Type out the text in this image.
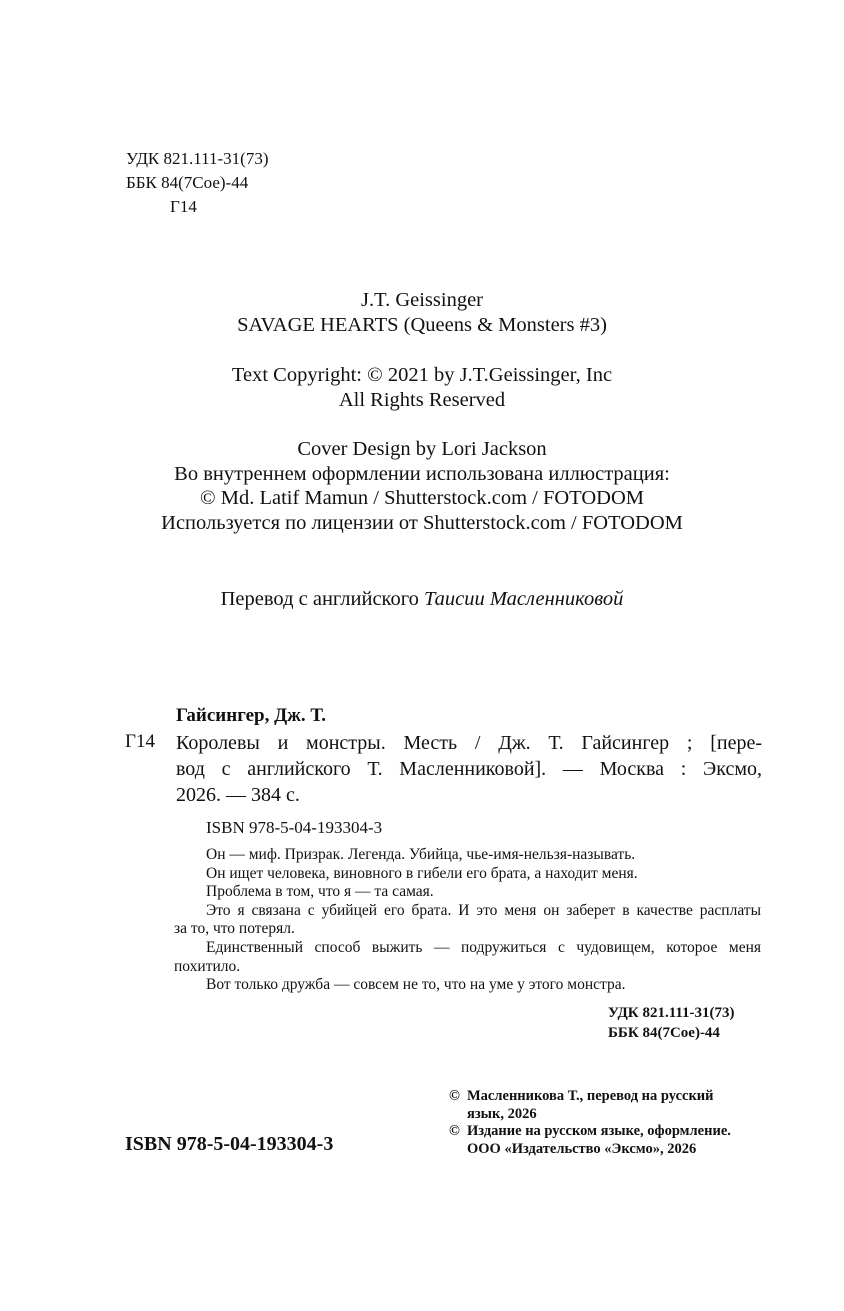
УДК 821.111-31(73)
ББК 84(7Сое)-44
Г14
J.T. Geissinger
SAVAGE HEARTS (Queens & Monsters #3)
Text Copyright: © 2021 by J.T.Geissinger, Inc
All Rights Reserved
Cover Design by Lori Jackson
Во внутреннем оформлении использована иллюстрация:
© Md. Latif Mamun / Shutterstock.com / FOTODOM
Используется по лицензии от Shutterstock.com / FOTODOM
Перевод с английского Таисии Масленниковой
Гайсингер, Дж. Т.
Г14 Королевы и монстры. Месть / Дж. Т. Гайсингер ; [пере-
вод с английского Т. Масленниковой]. — Москва : Эксмо,
2026. — 384 с.
ISBN 978-5-04-193304-3
Он — миф. Призрак. Легенда. Убийца, чье-имя-нельзя-называть.
Он ищет человека, виновного в гибели его брата, а находит меня.
Проблема в том, что я — та самая.
Это я связана с убийцей его брата. И это меня он заберет в качестве расплаты
за то, что потерял.
Единственный способ выжить — подружиться с чудовищем, которое меня
похитило.
Вот только дружба — совсем не то, что на уме у этого монстра.
УДК 821.111-31(73)
ББК 84(7Сое)-44
© Масленникова Т., перевод на русский
язык, 2026
© Издание на русском языке, оформление.
ООО «Издательство «Эксмо», 2026
ISBN 978-5-04-193304-3
